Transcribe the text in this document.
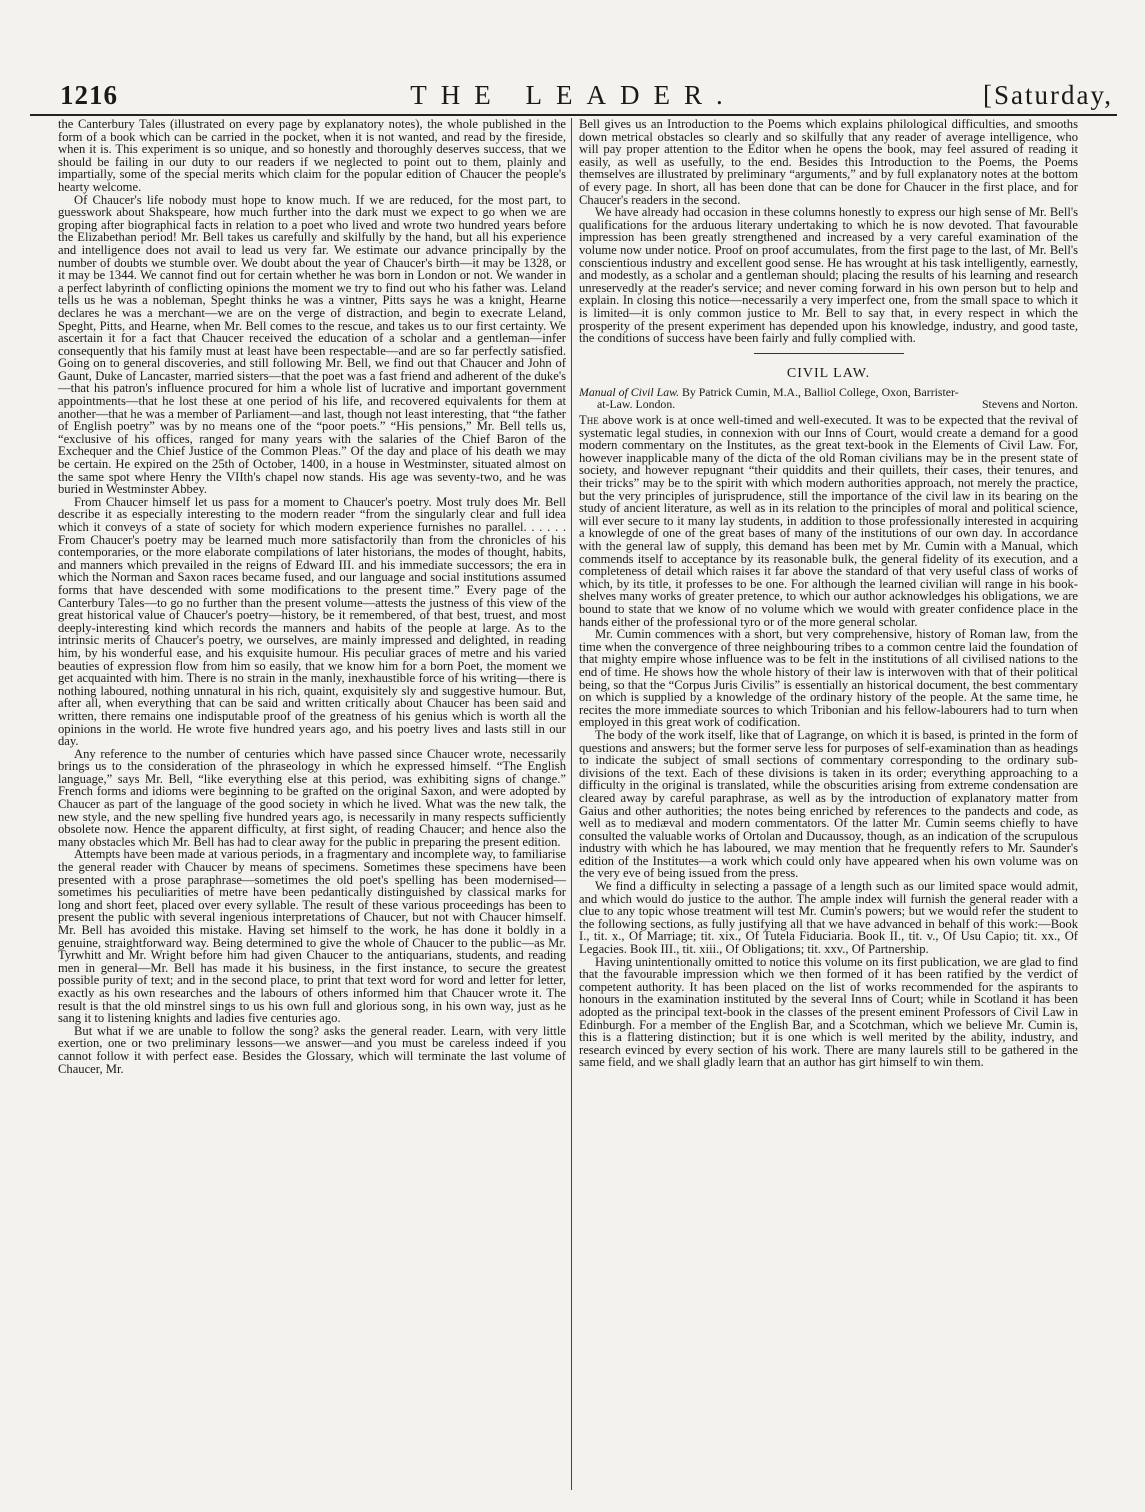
1216	THE LEADER.	[Saturday,

the Canterbury Tales (illustrated on every page by explanatory notes), the whole published in the form of a book which can be carried in the pocket, when it is not wanted, and read by the fireside, when it is. This experiment is so unique, and so honestly and thoroughly deserves success, that we should be failing in our duty to our readers if we neglected to point out to them, plainly and impartially, some of the special merits which claim for the popular edition of Chaucer the people's hearty welcome.

Of Chaucer's life nobody must hope to know much. If we are reduced, for the most part, to guesswork about Shakspeare, how much further into the dark must we expect to go when we are groping after biographical facts in relation to a poet who lived and wrote two hundred years before the Elizabethan period! Mr. Bell takes us carefully and skilfully by the hand, but all his experience and intelligence does not avail to lead us very far. We estimate our advance principally by the number of doubts we stumble over. We doubt about the year of Chaucer's birth—it may be 1328, or it may be 1344. We cannot find out for certain whether he was born in London or not. We wander in a perfect labyrinth of conflicting opinions the moment we try to find out who his father was. Leland tells us he was a nobleman, Speght thinks he was a vintner, Pitts says he was a knight, Hearne declares he was a merchant—we are on the verge of distraction, and begin to execrate Leland, Speght, Pitts, and Hearne, when Mr. Bell comes to the rescue, and takes us to our first certainty. We ascertain it for a fact that Chaucer received the education of a scholar and a gentleman—infer consequently that his family must at least have been respectable—and are so far perfectly satisfied. Going on to general discoveries, and still following Mr. Bell, we find out that Chaucer and John of Gaunt, Duke of Lancaster, married sisters—that the poet was a fast friend and adherent of the duke's—that his patron's influence procured for him a whole list of lucrative and important government appointments—that he lost these at one period of his life, and recovered equivalents for them at another—that he was a member of Parliament—and last, though not least interesting, that “the father of English poetry” was by no means one of the “poor poets.” “His pensions,” Mr. Bell tells us, “exclusive of his offices, ranged for many years with the salaries of the Chief Baron of the Exchequer and the Chief Justice of the Common Pleas.” Of the day and place of his death we may be certain. He expired on the 25th of October, 1400, in a house in Westminster, situated almost on the same spot where Henry the VIIth's chapel now stands. His age was seventy-two, and he was buried in Westminster Abbey.

From Chaucer himself let us pass for a moment to Chaucer's poetry. Most truly does Mr. Bell describe it as especially interesting to the modern reader “from the singularly clear and full idea which it conveys of a state of society for which modern experience furnishes no parallel. . . . . . From Chaucer's poetry may be learned much more satisfactorily than from the chronicles of his contemporaries, or the more elaborate compilations of later historians, the modes of thought, habits, and manners which prevailed in the reigns of Edward III. and his immediate successors; the era in which the Norman and Saxon races became fused, and our language and social institutions assumed forms that have descended with some modifications to the present time.” Every page of the Canterbury Tales—to go no further than the present volume—attests the justness of this view of the great historical value of Chaucer's poetry—history, be it remembered, of that best, truest, and most deeply-interesting kind which records the manners and habits of the people at large. As to the intrinsic merits of Chaucer's poetry, we ourselves, are mainly impressed and delighted, in reading him, by his wonderful ease, and his exquisite humour. His peculiar graces of metre and his varied beauties of expression flow from him so easily, that we know him for a born Poet, the moment we get acquainted with him. There is no strain in the manly, inexhaustible force of his writing—there is nothing laboured, nothing unnatural in his rich, quaint, exquisitely sly and suggestive humour. But, after all, when everything that can be said and written critically about Chaucer has been said and written, there remains one indisputable proof of the greatness of his genius which is worth all the opinions in the world. He wrote five hundred years ago, and his poetry lives and lasts still in our day.

Any reference to the number of centuries which have passed since Chaucer wrote, necessarily brings us to the consideration of the phraseology in which he expressed himself. “The English language,” says Mr. Bell, “like everything else at this period, was exhibiting signs of change.” French forms and idioms were beginning to be grafted on the original Saxon, and were adopted by Chaucer as part of the language of the good society in which he lived. What was the new talk, the new style, and the new spelling five hundred years ago, is necessarily in many respects sufficiently obsolete now. Hence the apparent difficulty, at first sight, of reading Chaucer; and hence also the many obstacles which Mr. Bell has had to clear away for the public in preparing the present edition.

Attempts have been made at various periods, in a fragmentary and incomplete way, to familiarise the general reader with Chaucer by means of specimens. Sometimes these specimens have been presented with a prose paraphrase—sometimes the old poet's spelling has been modernised—sometimes his peculiarities of metre have been pedantically distinguished by classical marks for long and short feet, placed over every syllable. The result of these various proceedings has been to present the public with several ingenious interpretations of Chaucer, but not with Chaucer himself. Mr. Bell has avoided this mistake. Having set himself to the work, he has done it boldly in a genuine, straightforward way. Being determined to give the whole of Chaucer to the public—as Mr. Tyrwhitt and Mr. Wright before him had given Chaucer to the antiquarians, students, and reading men in general—Mr. Bell has made it his business, in the first instance, to secure the greatest possible purity of text; and in the second place, to print that text word for word and letter for letter, exactly as his own researches and the labours of others informed him that Chaucer wrote it. The result is that the old minstrel sings to us his own full and glorious song, in his own way, just as he sang it to listening knights and ladies five centuries ago.

But what if we are unable to follow the song? asks the general reader. Learn, with very little exertion, one or two preliminary lessons—we answer—and you must be careless indeed if you cannot follow it with perfect ease. Besides the Glossary, which will terminate the last volume of Chaucer, Mr.

Bell gives us an Introduction to the Poems which explains philological difficulties, and smooths down metrical obstacles so clearly and so skilfully that any reader of average intelligence, who will pay proper attention to the Editor when he opens the book, may feel assured of reading it easily, as well as usefully, to the end. Besides this Introduction to the Poems, the Poems themselves are illustrated by preliminary “arguments,” and by full explanatory notes at the bottom of every page. In short, all has been done that can be done for Chaucer in the first place, and for Chaucer's readers in the second.

We have already had occasion in these columns honestly to express our high sense of Mr. Bell's qualifications for the arduous literary undertaking to which he is now devoted. That favourable impression has been greatly strengthened and increased by a very careful examination of the volume now under notice. Proof on proof accumulates, from the first page to the last, of Mr. Bell's conscientious industry and excellent good sense. He has wrought at his task intelligently, earnestly, and modestly, as a scholar and a gentleman should; placing the results of his learning and research unreservedly at the reader's service; and never coming forward in his own person but to help and explain. In closing this notice—necessarily a very imperfect one, from the small space to which it is limited—it is only common justice to Mr. Bell to say that, in every respect in which the prosperity of the present experiment has depended upon his knowledge, industry, and good taste, the conditions of success have been fairly and fully complied with.

CIVIL LAW.
Manual of Civil Law. By Patrick Cumin, M.A., Balliol College, Oxon, Barrister-
at-Law. London.	Stevens and Norton.

The above work is at once well-timed and well-executed. It was to be expected that the revival of systematic legal studies, in connexion with our Inns of Court, would create a demand for a good modern commentary on the Institutes, as the great text-book in the Elements of Civil Law. For, however inapplicable many of the dicta of the old Roman civilians may be in the present state of society, and however repugnant “their quiddits and their quillets, their cases, their tenures, and their tricks” may be to the spirit with which modern authorities approach, not merely the practice, but the very principles of jurisprudence, still the importance of the civil law in its bearing on the study of ancient literature, as well as in its relation to the principles of moral and political science, will ever secure to it many lay students, in addition to those professionally interested in acquiring a knowlegde of one of the great bases of many of the institutions of our own day. In accordance with the general law of supply, this demand has been met by Mr. Cumin with a Manual, which commends itself to acceptance by its reasonable bulk, the general fidelity of its execution, and a completeness of detail which raises it far above the standard of that very useful class of works of which, by its title, it professes to be one. For although the learned civilian will range in his book-shelves many works of greater pretence, to which our author acknowledges his obligations, we are bound to state that we know of no volume which we would with greater confidence place in the hands either of the professional tyro or of the more general scholar.

Mr. Cumin commences with a short, but very comprehensive, history of Roman law, from the time when the convergence of three neighbouring tribes to a common centre laid the foundation of that mighty empire whose influence was to be felt in the institutions of all civilised nations to the end of time. He shows how the whole history of their law is interwoven with that of their political being, so that the “Corpus Juris Civilis” is essentially an historical document, the best commentary on which is supplied by a knowledge of the ordinary history of the people. At the same time, he recites the more immediate sources to which Tribonian and his fellow-labourers had to turn when employed in this great work of codification.

The body of the work itself, like that of Lagrange, on which it is based, is printed in the form of questions and answers; but the former serve less for purposes of self-examination than as headings to indicate the subject of small sections of commentary corresponding to the ordinary sub-divisions of the text. Each of these divisions is taken in its order; everything approaching to a difficulty in the original is translated, while the obscurities arising from extreme condensation are cleared away by careful paraphrase, as well as by the introduction of explanatory matter from Gaius and other authorities; the notes being enriched by references to the pandects and code, as well as to mediæval and modern commentators. Of the latter Mr. Cumin seems chiefly to have consulted the valuable works of Ortolan and Ducaussoy, though, as an indication of the scrupulous industry with which he has laboured, we may mention that he frequently refers to Mr. Saunder's edition of the Institutes—a work which could only have appeared when his own volume was on the very eve of being issued from the press.

We find a difficulty in selecting a passage of a length such as our limited space would admit, and which would do justice to the author. The ample index will furnish the general reader with a clue to any topic whose treatment will test Mr. Cumin's powers; but we would refer the student to the following sections, as fully justifying all that we have advanced in behalf of this work:—Book I., tit. x., Of Marriage; tit. xix., Of Tutela Fiduciaria. Book II., tit. v., Of Usu Capio; tit. xx., Of Legacies. Book III., tit. xiii., Of Obligations; tit. xxv., Of Partnership.

Having unintentionally omitted to notice this volume on its first publication, we are glad to find that the favourable impression which we then formed of it has been ratified by the verdict of competent authority. It has been placed on the list of works recommended for the aspirants to honours in the examination instituted by the several Inns of Court; while in Scotland it has been adopted as the principal text-book in the classes of the present eminent Professors of Civil Law in Edinburgh. For a member of the English Bar, and a Scotchman, which we believe Mr. Cumin is, this is a flattering distinction; but it is one which is well merited by the ability, industry, and research evinced by every section of his work. There are many laurels still to be gathered in the same field, and we shall gladly learn that an author has girt himself to win them.
